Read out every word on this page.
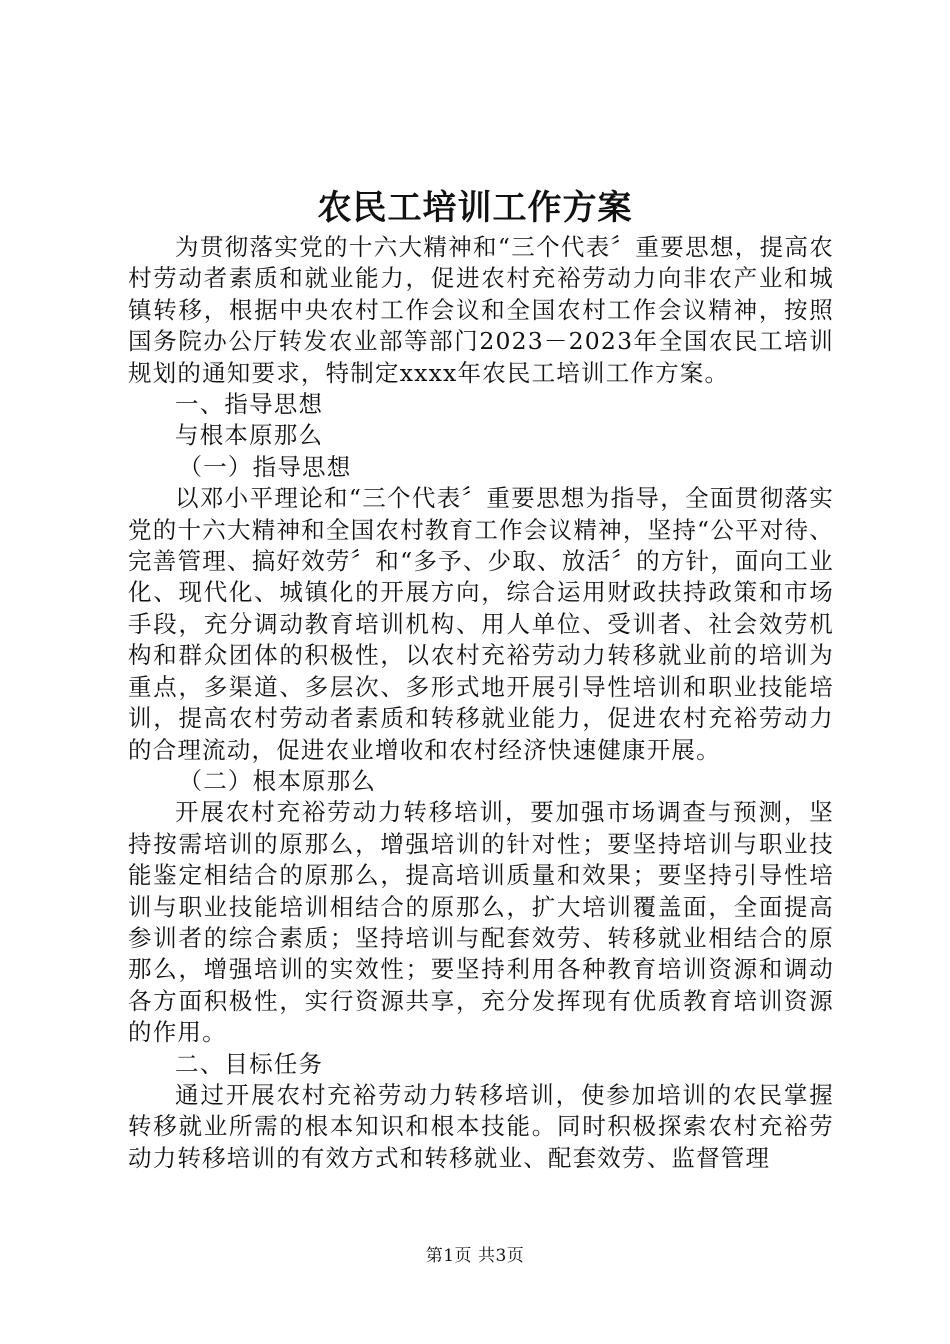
农民工培训工作方案

为贯彻落实党的十六大精神和“三个代表〞重要思想，提高农村劳动者素质和就业能力，促进农村充裕劳动力向非农产业和城镇转移，根据中央农村工作会议和全国农村工作会议精神，按照国务院办公厅转发农业部等部门2023－2023年全国农民工培训规划的通知要求，特制定xxxx年农民工培训工作方案。

一、指导思想

与根本原那么

（一）指导思想

以邓小平理论和“三个代表〞重要思想为指导，全面贯彻落实党的十六大精神和全国农村教育工作会议精神，坚持“公平对待、完善管理、搞好效劳〞和“多予、少取、放活〞的方针，面向工业化、现代化、城镇化的开展方向，综合运用财政扶持政策和市场手段，充分调动教育培训机构、用人单位、受训者、社会效劳机构和群众团体的积极性，以农村充裕劳动力转移就业前的培训为重点，多渠道、多层次、多形式地开展引导性培训和职业技能培训，提高农村劳动者素质和转移就业能力，促进农村充裕劳动力的合理流动，促进农业增收和农村经济快速健康开展。

（二）根本原那么

开展农村充裕劳动力转移培训，要加强市场调查与预测，坚持按需培训的原那么，增强培训的针对性；要坚持培训与职业技能鉴定相结合的原那么，提高培训质量和效果；要坚持引导性培训与职业技能培训相结合的原那么，扩大培训覆盖面，全面提高参训者的综合素质；坚持培训与配套效劳、转移就业相结合的原那么，增强培训的实效性；要坚持利用各种教育培训资源和调动各方面积极性，实行资源共享，充分发挥现有优质教育培训资源的作用。

二、目标任务

通过开展农村充裕劳动力转移培训，使参加培训的农民掌握转移就业所需的根本知识和根本技能。同时积极探索农村充裕劳动力转移培训的有效方式和转移就业、配套效劳、监督管理

第1页 共3页
